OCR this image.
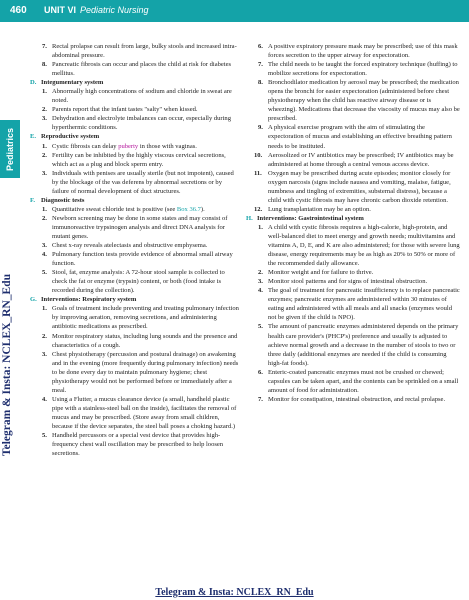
460 UNIT VI Pediatric Nursing
Pediatrics
Telegram & Insta: NCLEX_RN_Edu
7. Rectal prolapse can result from large, bulky stools and increased intra-abdominal pressure.
8. Pancreatic fibrosis can occur and places the child at risk for diabetes mellitus.
D. Integumentary system
1. Abnormally high concentrations of sodium and chloride in sweat are noted.
2. Parents report that the infant tastes "salty" when kissed.
3. Dehydration and electrolyte imbalances can occur, especially during hyperthermic conditions.
E. Reproductive system
1. Cystic fibrosis can delay puberty in those with vaginas.
2. Fertility can be inhibited by the highly viscous cervical secretions, which act as a plug and block sperm entry.
3. Individuals with penises are usually sterile (but not impotent), caused by the blockage of the vas deferens by abnormal secretions or by failure of normal development of duct structures.
F. Diagnostic tests
1. Quantitative sweat chloride test is positive (see Box 36.7).
2. Newborn screening may be done in some states and may consist of immunoreactive trypsinogen analysis and direct DNA analysis for mutant genes.
3. Chest x-ray reveals atelectasis and obstructive emphysema.
4. Pulmonary function tests provide evidence of abnormal small airway function.
5. Stool, fat, enzyme analysis: A 72-hour stool sample is collected to check the fat or enzyme (trypsin) content, or both (food intake is recorded during the collection).
G. Interventions: Respiratory system
1. Goals of treatment include preventing and treating pulmonary infection by improving aeration, removing secretions, and administering antibiotic medications as prescribed.
2. Monitor respiratory status, including lung sounds and the presence and characteristics of a cough.
3. Chest physiotherapy (percussion and postural drainage) on awakening and in the evening (more frequently during pulmonary infection) needs to be done every day to maintain pulmonary hygiene; chest physiotherapy would not be performed before or immediately after a meal.
4. Using a Flutter, a mucus clearance device (a small, handheld plastic pipe with a stainless-steel ball on the inside), facilitates the removal of mucus and may be prescribed. (Store away from small children, because if the device separates, the steel ball poses a choking hazard.)
5. Handheld percussors or a special vest device that provides high-frequency chest wall oscillation may be prescribed to help loosen secretions.
6. A positive expiratory pressure mask may be prescribed; use of this mask forces secretion to the upper airway for expectoration.
7. The child needs to be taught the forced expiratory technique (huffing) to mobilize secretions for expectoration.
8. Bronchodilator medication by aerosol may be prescribed; the medication opens the bronchi for easier expectoration (administered before chest physiotherapy when the child has reactive airway disease or is wheezing). Medications that decrease the viscosity of mucus may also be prescribed.
9. A physical exercise program with the aim of stimulating the expectoration of mucus and establishing an effective breathing pattern needs to be instituted.
10. Aerosolized or IV antibiotics may be prescribed; IV antibiotics may be administered at home through a central venous access device.
11. Oxygen may be prescribed during acute episodes; monitor closely for oxygen narcosis (signs include nausea and vomiting, malaise, fatigue, numbness and tingling of extremities, substernal distress), because a child with cystic fibrosis may have chronic carbon dioxide retention.
12. Lung transplantation may be an option.
H. Interventions: Gastrointestinal system
1. A child with cystic fibrosis requires a high-calorie, high-protein, and well-balanced diet to meet energy and growth needs; multivitamins and vitamins A, D, E, and K are also administered; for those with severe lung disease, energy requirements may be as high as 20% to 50% or more of the recommended daily allowance.
2. Monitor weight and for failure to thrive.
3. Monitor stool patterns and for signs of intestinal obstruction.
4. The goal of treatment for pancreatic insufficiency is to replace pancreatic enzymes; pancreatic enzymes are administered within 30 minutes of eating and administered with all meals and all snacks (enzymes would not be given if the child is NPO).
5. The amount of pancreatic enzymes administered depends on the primary health care provider's (PHCP's) preference and usually is adjusted to achieve normal growth and a decrease in the number of stools to two or three daily (additional enzymes are needed if the child is consuming high-fat foods).
6. Enteric-coated pancreatic enzymes must not be crushed or chewed; capsules can be taken apart, and the contents can be sprinkled on a small amount of food for administration.
7. Monitor for constipation, intestinal obstruction, and rectal prolapse.
Telegram & Insta: NCLEX_RN_Edu
